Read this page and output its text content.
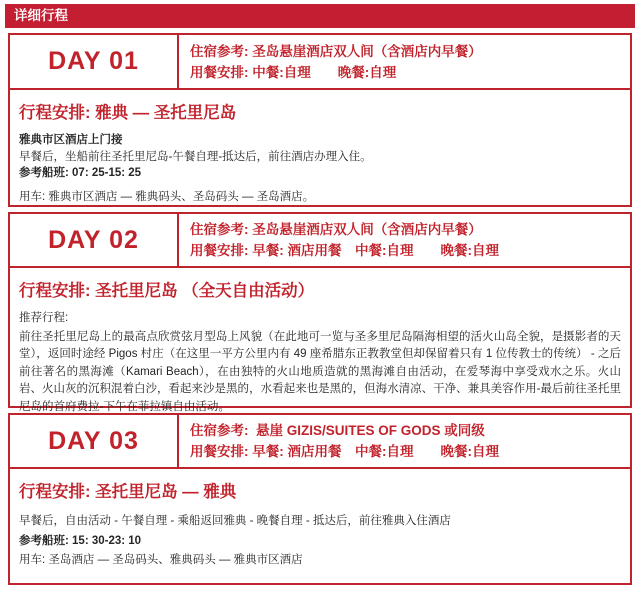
详细行程
DAY 01	住宿参考: 圣岛悬崖酒店双人间（含酒店内早餐）
用餐安排: 中餐:自理　　晚餐:自理
行程安排: 雅典 — 圣托里尼岛
雅典市区酒店上门接
早餐后，坐船前往圣托里尼岛-午餐自理-抵达后，前往酒店办理入住。
参考船班: 07: 25-15: 25
用车: 雅典市区酒店 — 雅典码头、圣岛码头 — 圣岛酒店。
DAY 02	住宿参考: 圣岛悬崖酒店双人间（含酒店内早餐）
用餐安排: 早餐: 酒店用餐　中餐:自理　　晚餐:自理
行程安排: 圣托里尼岛 （全天自由活动）
推荐行程:
前往圣托里尼岛上的最高点欣赏弦月型岛上风貌（在此地可一览与圣多里尼岛隔海相望的活火山岛全貌，是摄影者的天堂），返回时途经 Pigos 村庄（在这里一平方公里内有 49 座希腊东正教教堂但却保留着只有 1 位传教士的传统） - 之后前往著名的黑海滩（Kamari Beach），在由独特的火山地质造就的黑海滩自由活动，在爱琴海中享受戏水之乐。火山岩、火山灰的沉积混着白沙，看起来沙是黑的，水看起来也是黑的，但海水清凉、干净、兼具美容作用-最后前往圣托里尼岛的首府费拉-下午在菲拉镇自由活动。
DAY 03	住宿参考:  悬崖 GIZIS/SUITES OF GODS 或同级
用餐安排: 早餐: 酒店用餐　中餐:自理　　晚餐:自理
行程安排: 圣托里尼岛 — 雅典
早餐后，自由活动 - 午餐自理 - 乘船返回雅典 - 晚餐自理 - 抵达后，前往雅典入住酒店
参考船班: 15: 30-23: 10
用车: 圣岛酒店 — 圣岛码头、雅典码头 — 雅典市区酒店
